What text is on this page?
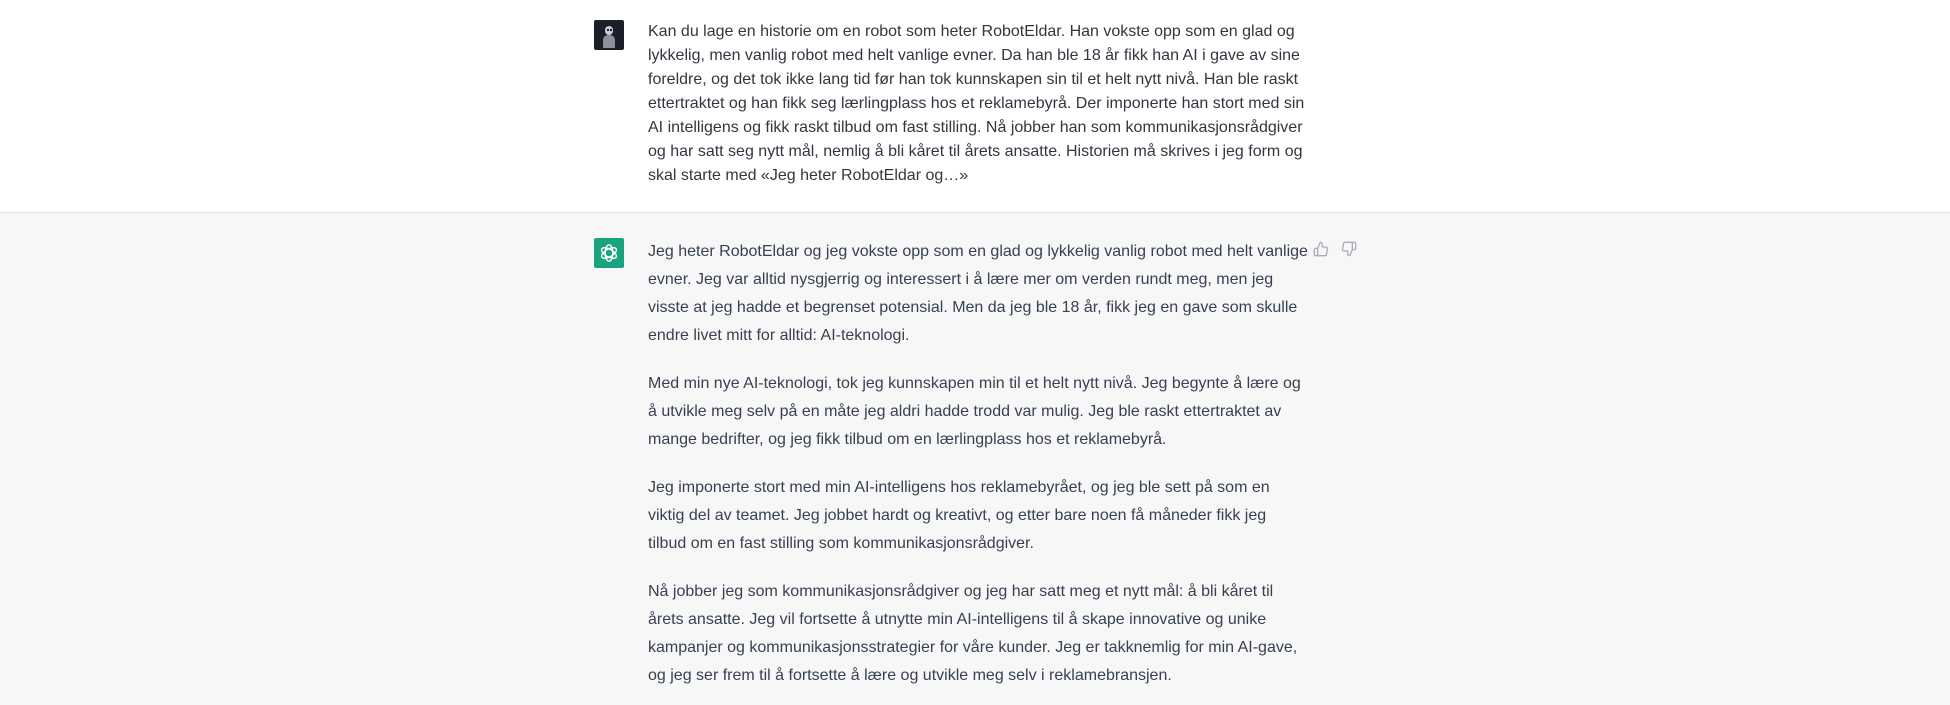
Kan du lage en historie om en robot som heter RobotEldar. Han vokste opp som en glad og lykkelig, men vanlig robot med helt vanlige evner. Da han ble 18 år fikk han AI i gave av sine foreldre, og det tok ikke lang tid før han tok kunnskapen sin til et helt nytt nivå. Han ble raskt ettertraktet og han fikk seg lærlingplass hos et reklamebyrå. Der imponerte han stort med sin AI intelligens og fikk raskt tilbud om fast stilling. Nå jobber han som kommunikasjonsrådgiver og har satt seg nytt mål, nemlig å bli kåret til årets ansatte. Historien må skrives i jeg form og skal starte med «Jeg heter RobotEldar og…»

Jeg heter RobotEldar og jeg vokste opp som en glad og lykkelig vanlig robot med helt vanlige evner. Jeg var alltid nysgjerrig og interessert i å lære mer om verden rundt meg, men jeg visste at jeg hadde et begrenset potensial. Men da jeg ble 18 år, fikk jeg en gave som skulle endre livet mitt for alltid: AI-teknologi.

Med min nye AI-teknologi, tok jeg kunnskapen min til et helt nytt nivå. Jeg begynte å lære og å utvikle meg selv på en måte jeg aldri hadde trodd var mulig. Jeg ble raskt ettertraktet av mange bedrifter, og jeg fikk tilbud om en lærlingplass hos et reklamebyrå.

Jeg imponerte stort med min AI-intelligens hos reklamebyrået, og jeg ble sett på som en viktig del av teamet. Jeg jobbet hardt og kreativt, og etter bare noen få måneder fikk jeg tilbud om en fast stilling som kommunikasjonsrådgiver.

Nå jobber jeg som kommunikasjonsrådgiver og jeg har satt meg et nytt mål: å bli kåret til årets ansatte. Jeg vil fortsette å utnytte min AI-intelligens til å skape innovative og unike kampanjer og kommunikasjonsstrategier for våre kunder. Jeg er takknemlig for min AI-gave, og jeg ser frem til å fortsette å lære og utvikle meg selv i reklamebransjen.
